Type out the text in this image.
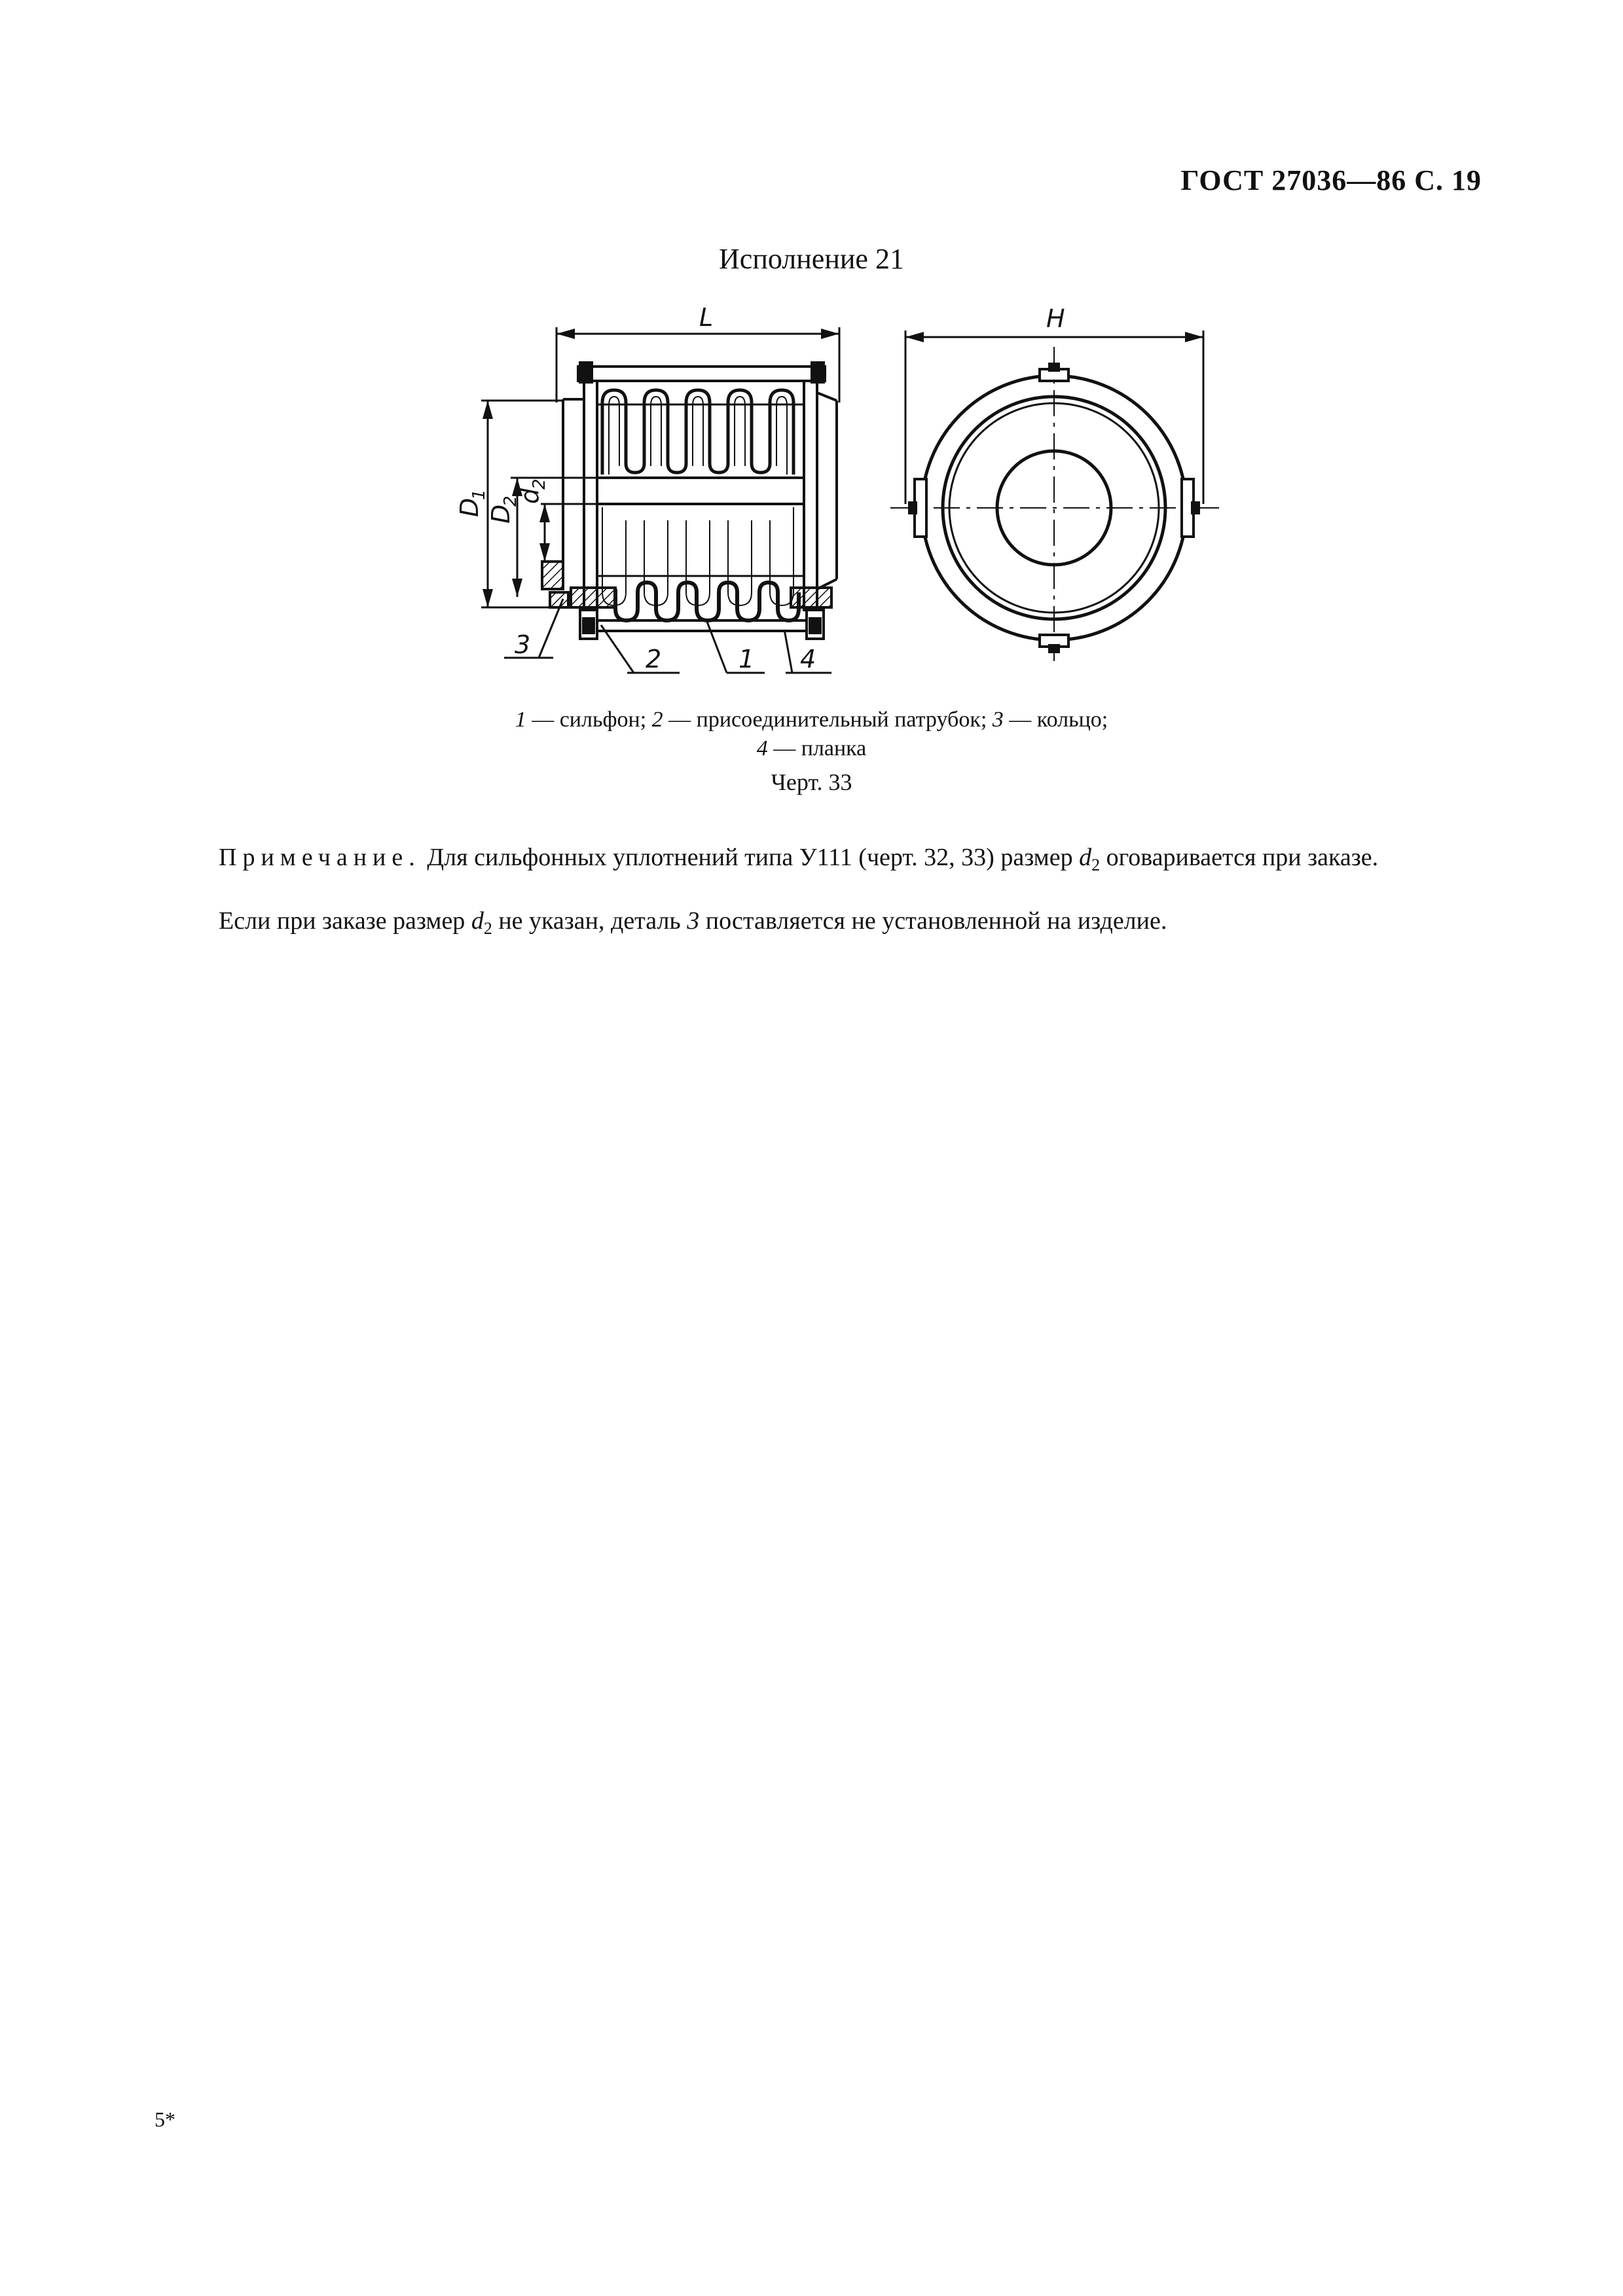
ГОСТ 27036—86 С. 19
Исполнение 21
L	H
D
1
D
2
d
2
3	2	1 4
1 — сильфон; 2 — присоединительный патрубок; 3 — кольцо;
4 — планка
Черт. 33
Примечание. Для сильфонных уплотнений типа У111 (черт. 32, 33) размер $d_2$ оговаривается при заказе.
Если при заказе размер $d_2$ не указан, деталь 3 поставляется не установленной на изделие.
5*
